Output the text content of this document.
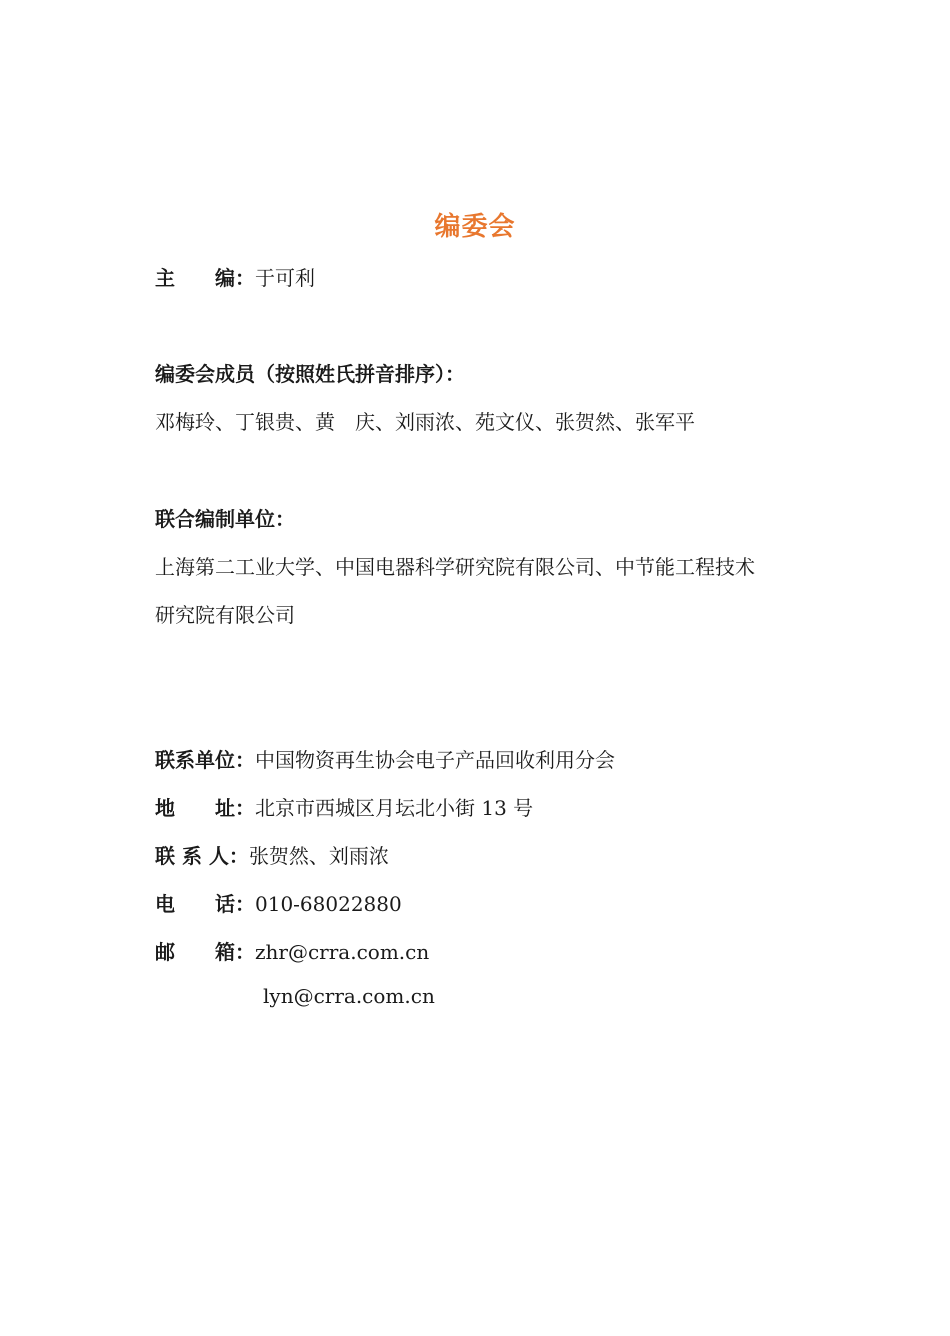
编委会
主　　编：于可利
编委会成员（按照姓氏拼音排序）：
邓梅玲、丁银贵、黄　庆、刘雨浓、苑文仪、张贺然、张军平
联合编制单位：
上海第二工业大学、中国电器科学研究院有限公司、中节能工程技术
研究院有限公司
联系单位：中国物资再生协会电子产品回收利用分会
地　　址：北京市西城区月坛北小街 13 号
联 系 人：张贺然、刘雨浓
电　　话：010-68022880
邮　　箱：zhr@crra.com.cn
lyn@crra.com.cn
